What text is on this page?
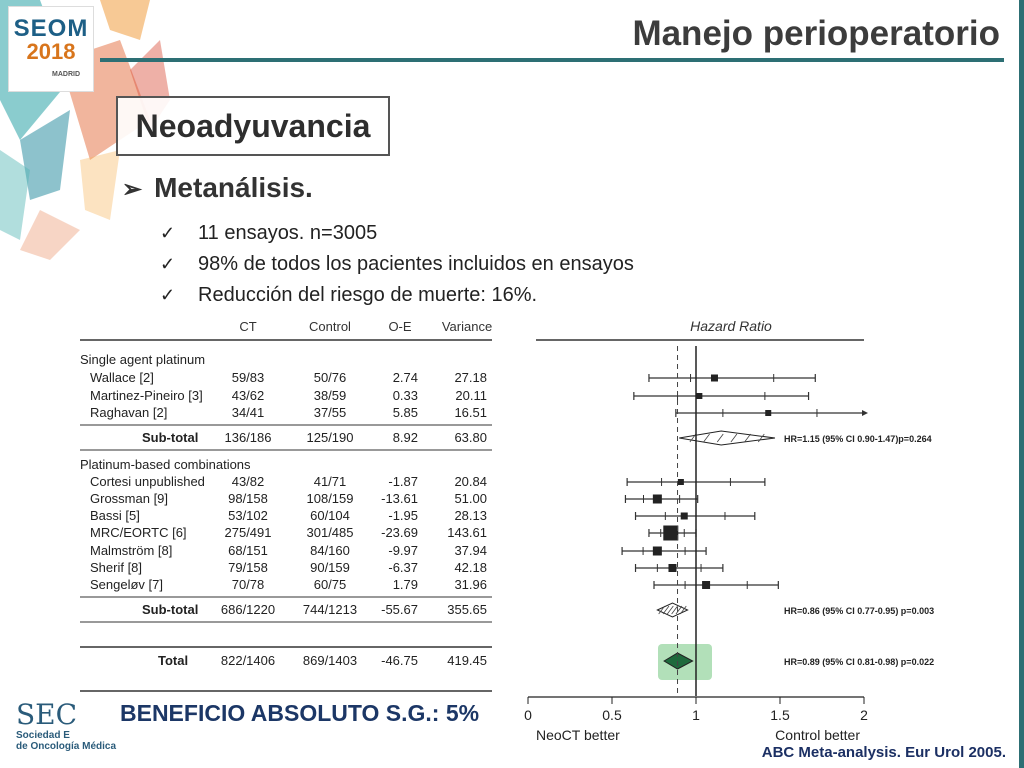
SEOM
2018
MADRID
Manejo perioperatorio
Neoadyuvancia
➢ Metanálisis.
✓ 11 ensayos. n=3005
✓ 98% de todos los pacientes incluidos en ensayos
✓ Reducción del riesgo de muerte: 16%.
CT	Control	O-E Variance	Hazard Ratio
Single agent platinum
Wallace [2]	59/83	50/76	2.74	27.18
Martinez-Pineiro [3] 43/62	38/59	0.33	20.11
Raghavan [2]	34/41	37/55	5.85	16.51
Sub-total 136/186	125/190	8.92	63.80	HR=1.15 (95% CI 0.90-1.47)p=0.264
Platinum-based combinations
Cortesi unpublished 43/82	41/71	-1.87	20.84
Grossman [9]	98/158	108/159 -13.61	51.00
Bassi [5]	53/102	60/104	-1.95	28.13
MRC/EORTC [6]	275/491	301/485 -23.69 143.61
Malmström [8]	68/151	84/160	-9.97	37.94
Sherif [8]	79/158	90/159	-6.37	42.18
Sengeløv [7]	70/78	60/75	1.79	31.96
Sub-total 686/1220 744/1213 -55.67 355.65	HR=0.86 (95% CI 0.77-0.95) p=0.003
Total	822/1406 869/1403 -46.75 419.45	HR=0.89 (95% CI 0.81-0.98) p=0.022
0	0.5	1	1.5	2
NeoCT better	Control better
BENEFICIO ABSOLUTO S.G.: 5%
ABC Meta-analysis. Eur Urol 2005.
SEC
Sociedad E
de Oncología Médica
